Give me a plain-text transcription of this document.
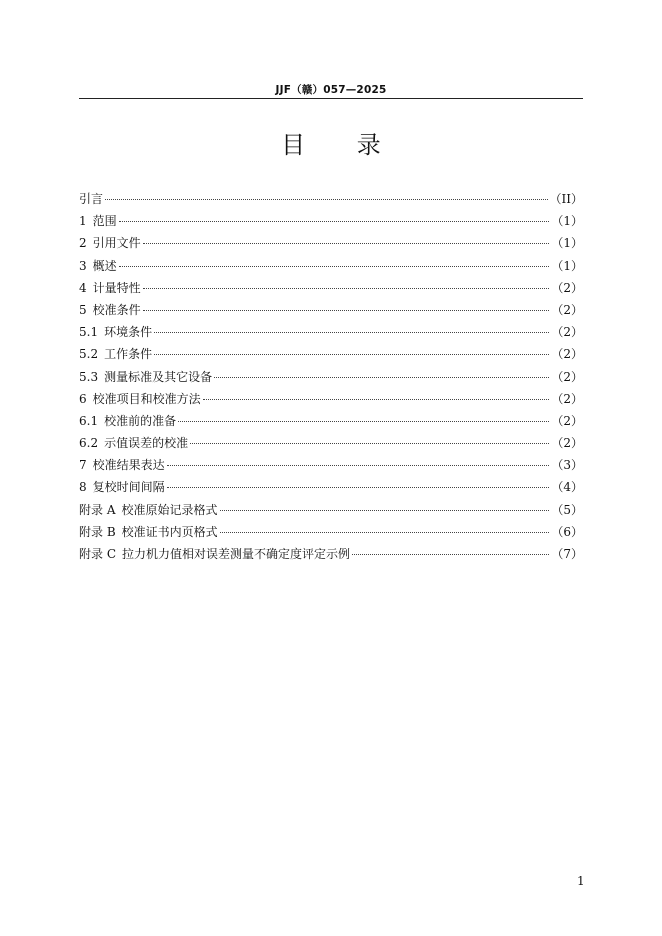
JJF（赣）057—2025
目 录
引言	（II）
1 范围	（1）
2 引用文件	（1）
3 概述	（1）
4 计量特性	（2）
5 校准条件	（2）
5.1 环境条件	（2）
5.2 工作条件	（2）
5.3 测量标准及其它设备	（2）
6 校准项目和校准方法	（2）
6.1 校准前的准备	（2）
6.2 示值误差的校准	（2）
7 校准结果表达	（3）
8 复校时间间隔	（4）
附录 A 校准原始记录格式	（5）
附录 B 校准证书内页格式	（6）
附录 C 拉力机力值相对误差测量不确定度评定示例	（7）
1
